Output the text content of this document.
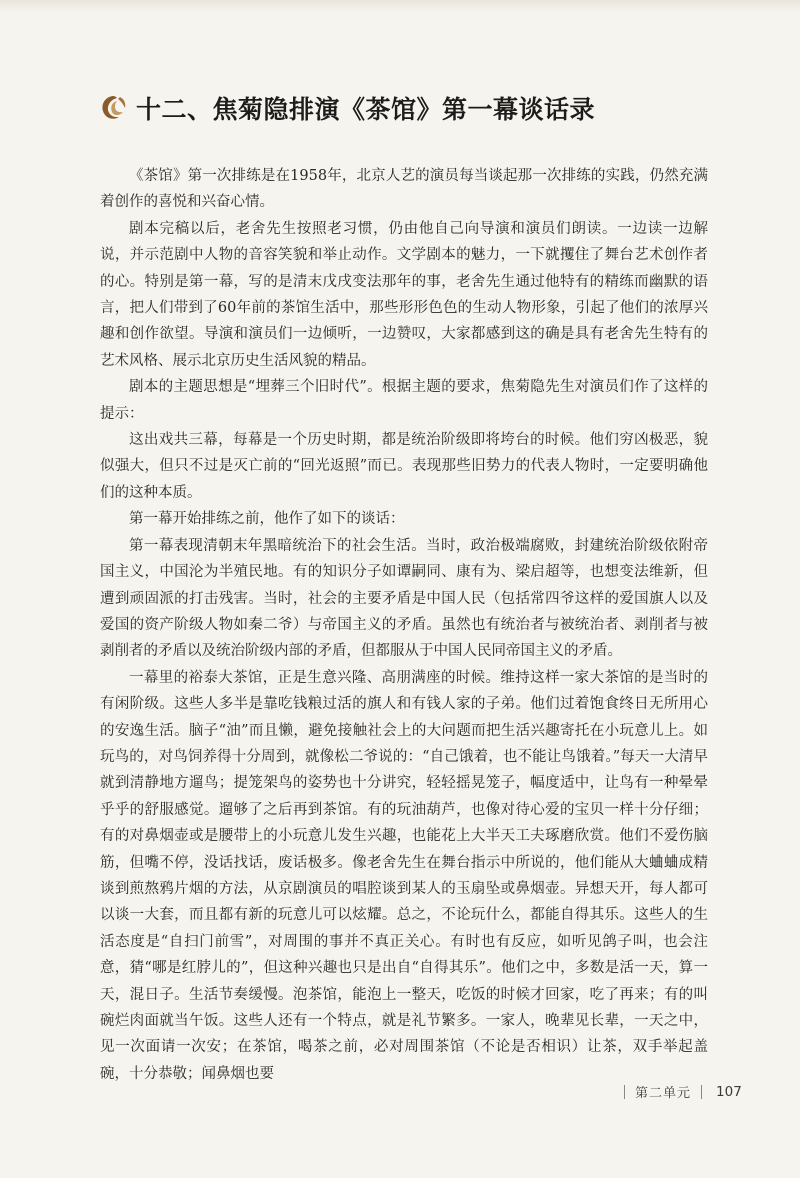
十二、焦菊隐排演《茶馆》第一幕谈话录

《茶馆》第一次排练是在1958年，北京人艺的演员每当谈起那一次排练的实践，仍然充满着创作的喜悦和兴奋心情。

剧本完稿以后，老舍先生按照老习惯，仍由他自己向导演和演员们朗读。一边读一边解说，并示范剧中人物的音容笑貌和举止动作。文学剧本的魅力，一下就攫住了舞台艺术创作者的心。特别是第一幕，写的是清末戊戌变法那年的事，老舍先生通过他特有的精练而幽默的语言，把人们带到了60年前的茶馆生活中，那些形形色色的生动人物形象，引起了他们的浓厚兴趣和创作欲望。导演和演员们一边倾听，一边赞叹，大家都感到这的确是具有老舍先生特有的艺术风格、展示北京历史生活风貌的精品。

剧本的主题思想是“埋葬三个旧时代”。根据主题的要求，焦菊隐先生对演员们作了这样的提示：

这出戏共三幕，每幕是一个历史时期，都是统治阶级即将垮台的时候。他们穷凶极恶，貌似强大，但只不过是灭亡前的“回光返照”而已。表现那些旧势力的代表人物时，一定要明确他们的这种本质。

第一幕开始排练之前，他作了如下的谈话：

第一幕表现清朝末年黑暗统治下的社会生活。当时，政治极端腐败，封建统治阶级依附帝国主义，中国沦为半殖民地。有的知识分子如谭嗣同、康有为、梁启超等，也想变法维新，但遭到顽固派的打击残害。当时，社会的主要矛盾是中国人民（包括常四爷这样的爱国旗人以及爱国的资产阶级人物如秦二爷）与帝国主义的矛盾。虽然也有统治者与被统治者、剥削者与被剥削者的矛盾以及统治阶级内部的矛盾，但都服从于中国人民同帝国主义的矛盾。

一幕里的裕泰大茶馆，正是生意兴隆、高朋满座的时候。维持这样一家大茶馆的是当时的有闲阶级。这些人多半是靠吃钱粮过活的旗人和有钱人家的子弟。他们过着饱食终日无所用心的安逸生活。脑子“油”而且懒，避免接触社会上的大问题而把生活兴趣寄托在小玩意儿上。如玩鸟的，对鸟饲养得十分周到，就像松二爷说的：“自己饿着，也不能让鸟饿着。”每天一大清早就到清静地方遛鸟；提笼架鸟的姿势也十分讲究，轻轻摇晃笼子，幅度适中，让鸟有一种晕晕乎乎的舒服感觉。遛够了之后再到茶馆。有的玩油葫芦，也像对待心爱的宝贝一样十分仔细；有的对鼻烟壶或是腰带上的小玩意儿发生兴趣，也能花上大半天工夫琢磨欣赏。他们不爱伤脑筋，但嘴不停，没话找话，废话极多。像老舍先生在舞台指示中所说的，他们能从大蛐蛐成精谈到煎熬鸦片烟的方法，从京剧演员的唱腔谈到某人的玉扇坠或鼻烟壶。异想天开，每人都可以谈一大套，而且都有新的玩意儿可以炫耀。总之，不论玩什么，都能自得其乐。这些人的生活态度是“自扫门前雪”，对周围的事并不真正关心。有时也有反应，如听见鸽子叫，也会注意，猜“哪是红脖儿的”，但这种兴趣也只是出自“自得其乐”。他们之中，多数是活一天，算一天，混日子。生活节奏缓慢。泡茶馆，能泡上一整天，吃饭的时候才回家，吃了再来；有的叫碗烂肉面就当午饭。这些人还有一个特点，就是礼节繁多。一家人，晚辈见长辈，一天之中，见一次面请一次安；在茶馆，喝茶之前，必对周围茶馆（不论是否相识）让茶，双手举起盖碗，十分恭敬；闻鼻烟也要

第二单元 107
